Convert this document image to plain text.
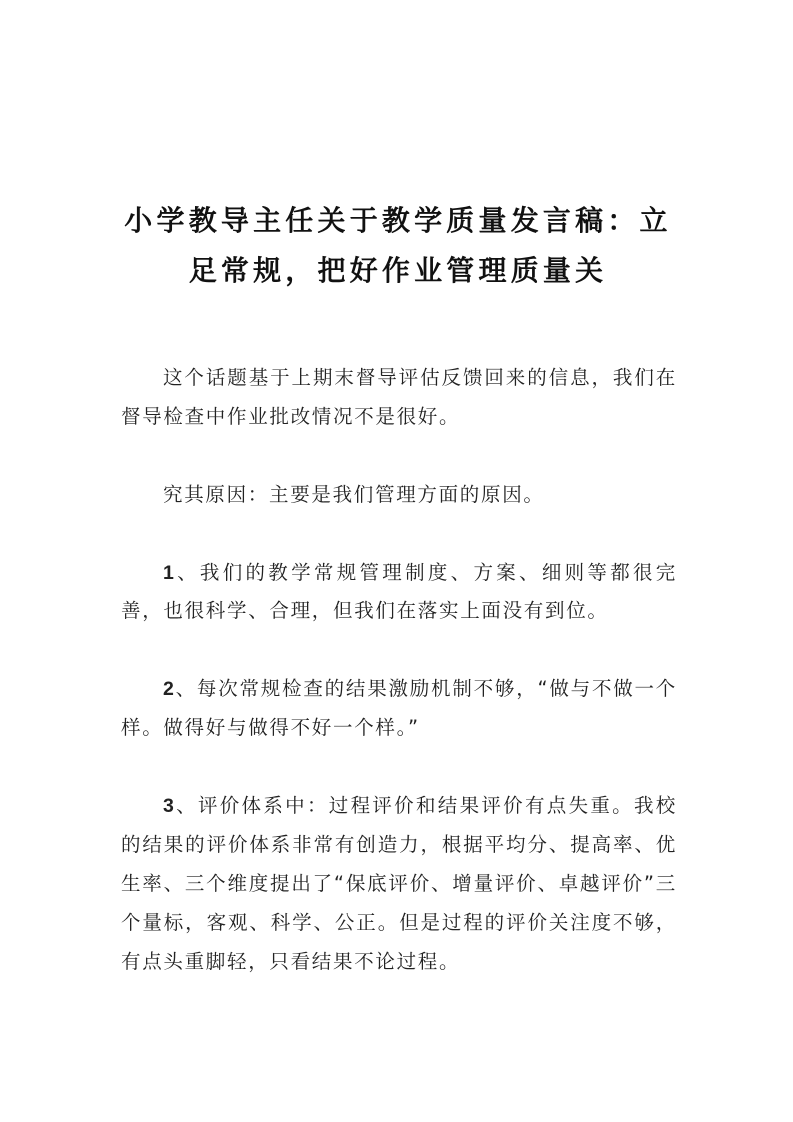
小学教导主任关于教学质量发言稿：立足常规，把好作业管理质量关

这个话题基于上期末督导评估反馈回来的信息，我们在督导检查中作业批改情况不是很好。

究其原因：主要是我们管理方面的原因。

1、我们的教学常规管理制度、方案、细则等都很完善，也很科学、合理，但我们在落实上面没有到位。

2、每次常规检查的结果激励机制不够，“做与不做一个样。做得好与做得不好一个样。”

3、评价体系中：过程评价和结果评价有点失重。我校的结果的评价体系非常有创造力，根据平均分、提高率、优生率、三个维度提出了“保底评价、增量评价、卓越评价”三个量标，客观、科学、公正。但是过程的评价关注度不够，有点头重脚轻，只看结果不论过程。
